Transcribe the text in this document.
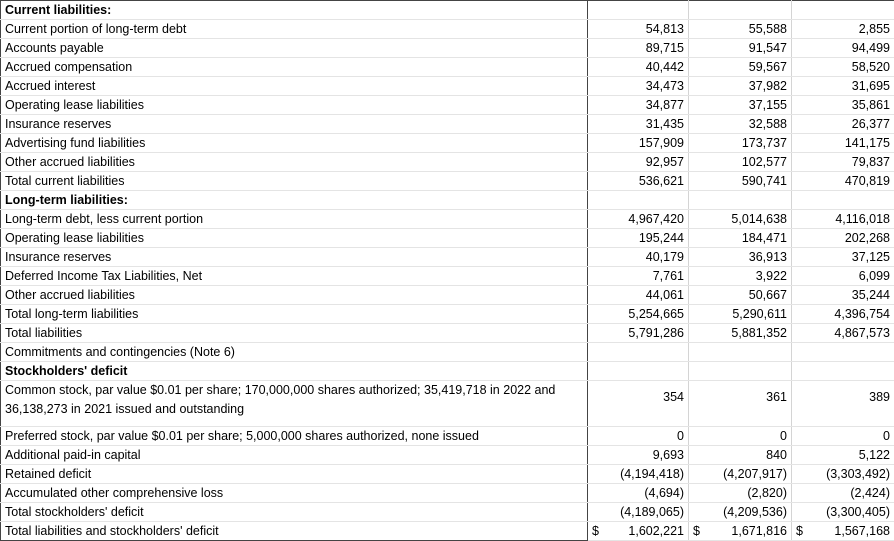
Current liabilities:			
Current portion of long-term debt	54,813	55,588	2,855
Accounts payable	89,715	91,547	94,499
Accrued compensation	40,442	59,567	58,520
Accrued interest	34,473	37,982	31,695
Operating lease liabilities	34,877	37,155	35,861
Insurance reserves	31,435	32,588	26,377
Advertising fund liabilities	157,909	173,737	141,175
Other accrued liabilities	92,957	102,577	79,837
Total current liabilities	536,621	590,741	470,819
Long-term liabilities:			
Long-term debt, less current portion	4,967,420	5,014,638	4,116,018
Operating lease liabilities	195,244	184,471	202,268
Insurance reserves	40,179	36,913	37,125
Deferred Income Tax Liabilities, Net	7,761	3,922	6,099
Other accrued liabilities	44,061	50,667	35,244
Total long-term liabilities	5,254,665	5,290,611	4,396,754
Total liabilities	5,791,286	5,881,352	4,867,573
Commitments and contingencies (Note 6)			
Stockholders' deficit			
Common stock, par value $0.01 per share; 170,000,000 shares authorized; 35,419,718 in 2022 and 36,138,273 in 2021 issued and outstanding	354	361	389
Preferred stock, par value $0.01 per share; 5,000,000 shares authorized, none issued	0	0	0
Additional paid-in capital	9,693	840	5,122
Retained deficit	(4,194,418)	(4,207,917)	(3,303,492)
Accumulated other comprehensive loss	(4,694)	(2,820)	(2,424)
Total stockholders' deficit	(4,189,065)	(4,209,536)	(3,300,405)
Total liabilities and stockholders' deficit	$ 1,602,221	$ 1,671,816	$ 1,567,168
